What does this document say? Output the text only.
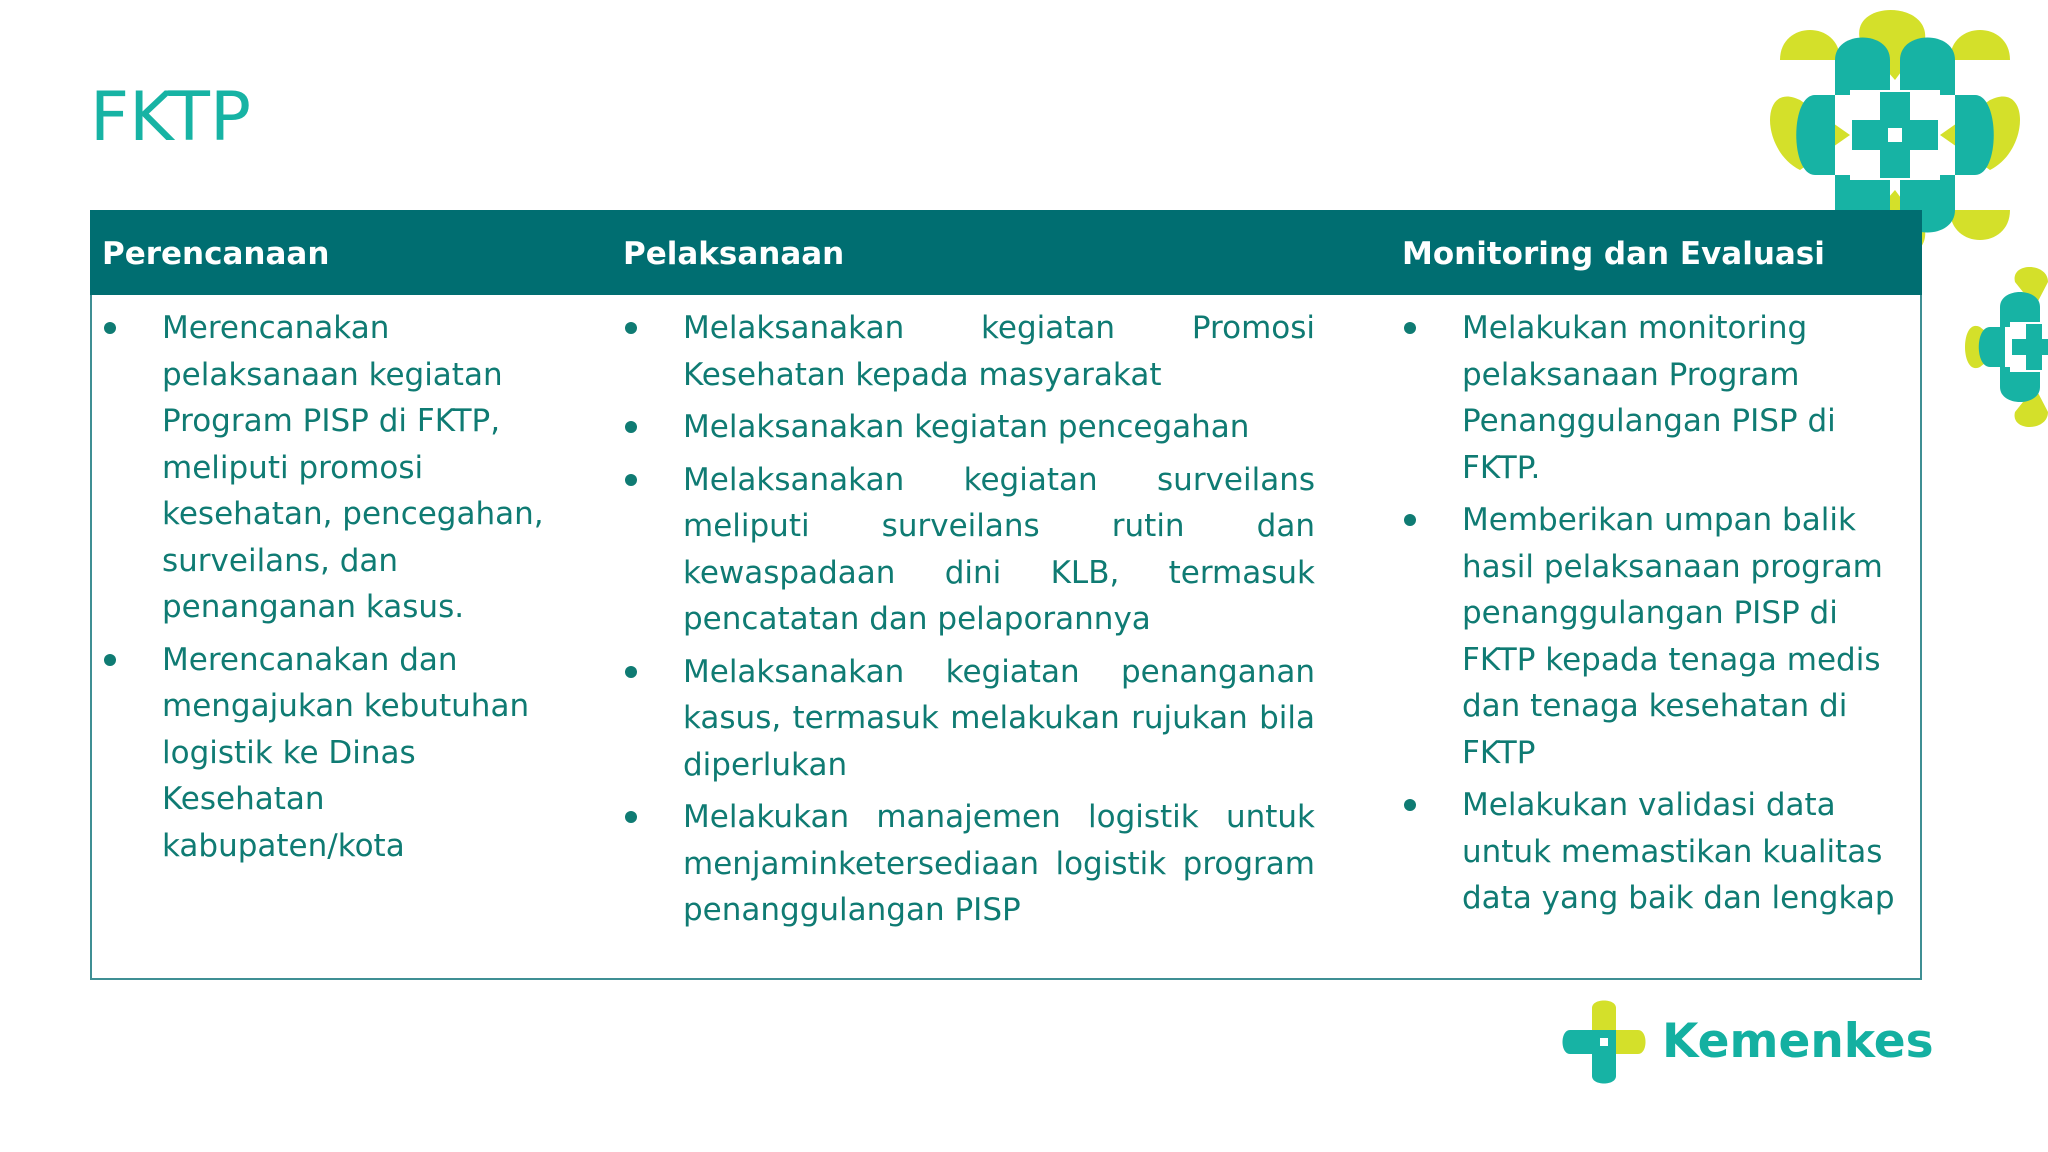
FKTP
Perencanaan	Pelaksanaan	Monitoring dan Evaluasi
Merencanakan pelaksanaan kegiatan Program PISP di FKTP, meliputi promosi kesehatan, pencegahan, surveilans, dan penanganan kasus.
Merencanakan dan mengajukan kebutuhan logistik ke Dinas Kesehatan kabupaten/kota
Melaksanakan kegiatan Promosi Kesehatan kepada masyarakat
Melaksanakan kegiatan pencegahan
Melaksanakan kegiatan surveilans meliputi surveilans rutin dan kewaspadaan dini KLB, termasuk pencatatan dan pelaporannya
Melaksanakan kegiatan penanganan kasus, termasuk melakukan rujukan bila diperlukan
Melakukan manajemen logistik untuk menjaminketersediaan logistik program penanggulangan PISP
Melakukan monitoring pelaksanaan Program Penanggulangan PISP di FKTP.
Memberikan umpan balik hasil pelaksanaan program penanggulangan PISP di FKTP kepada tenaga medis dan tenaga kesehatan di FKTP
Melakukan validasi data untuk memastikan kualitas data yang baik dan lengkap
Kemenkes
